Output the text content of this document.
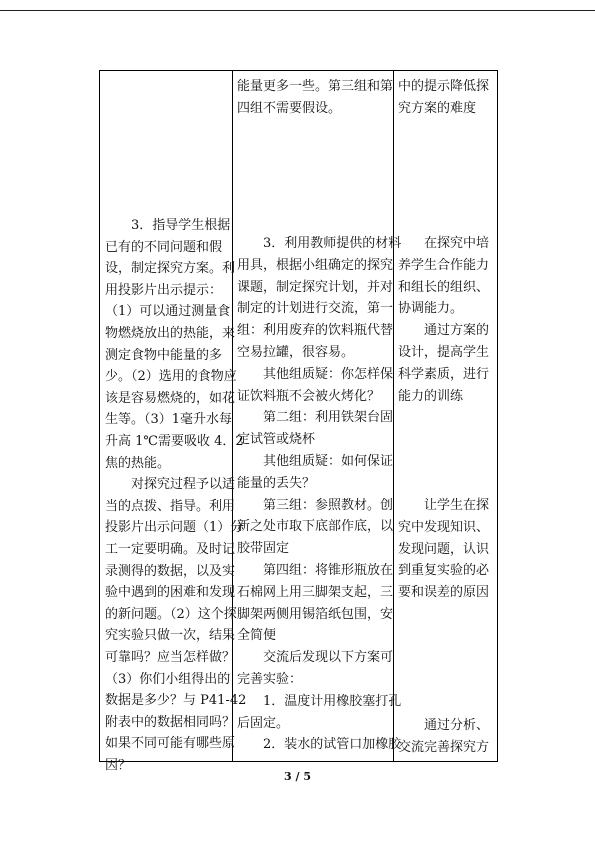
　　3．指导学生根据

已有的不同问题和假

设，制定探究方案。利

用投影片出示提示：

（1）可以通过测量食

物燃烧放出的热能，来

测定食物中能量的多

少。（2）选用的食物应

该是容易燃烧的，如花

生等。（3）1毫升水每

升高 1℃需要吸收 4．2

焦的热能。

　　对探究过程予以适

当的点拨、指导。利用

投影片出示问题（1）分

工一定要明确。及时记

录测得的数据，以及实

验中遇到的困难和发现

的新问题。（2）这个探

究实验只做一次，结果

可靠吗？应当怎样做？

（3）你们小组得出的

数据是多少？与 P41-42

附表中的数据相同吗？

如果不同可能有哪些原

因？

能量更多一些。第三组和第

四组不需要假设。

　　3．利用教师提供的材料

用具，根据小组确定的探究

课题，制定探究计划，并对

制定的计划进行交流，第一

组：利用废弃的饮料瓶代替

空易拉罐，很容易。

　　其他组质疑：你怎样保

证饮料瓶不会被火烤化？

　　第二组：利用铁架台固

定试管或烧杯

　　其他组质疑：如何保证

能量的丢失？

　　第三组：参照教材。创

新之处市取下底部作底，以

胶带固定

　　第四组：将锥形瓶放在

石棉网上用三脚架支起，三

脚架两侧用锡箔纸包围，安

全简便

　　交流后发现以下方案可

完善实验：

　　1．温度计用橡胶塞打孔

后固定。

　　2．装水的试管口加橡胶

中的提示降低探

究方案的难度

　　在探究中培

养学生合作能力

和组长的组织、

协调能力。

　　通过方案的

设计，提高学生

科学素质，进行

能力的训练

　　让学生在探

究中发现知识、

发现问题，认识

到重复实验的必

要和误差的原因

　　通过分析、

交流完善探究方

3 / 5
